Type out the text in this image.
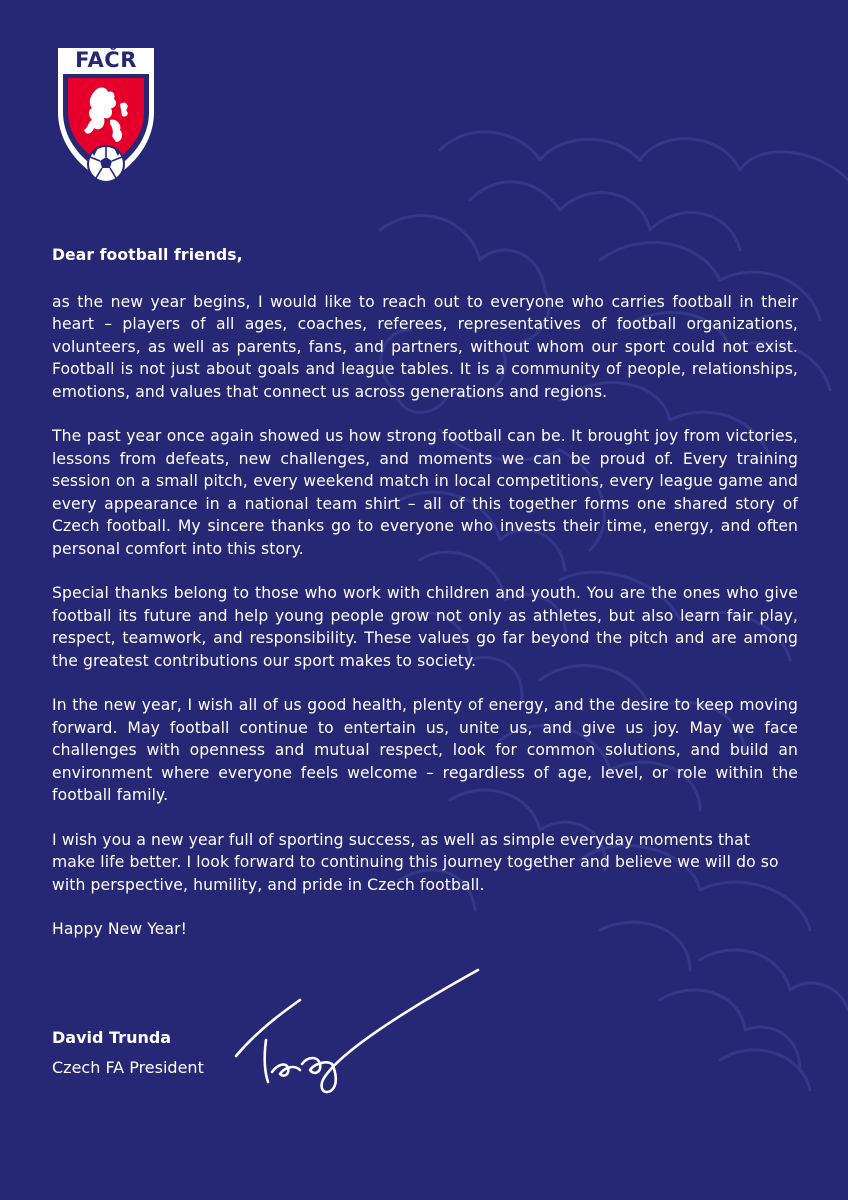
FAČR

Dear football friends,

as the new year begins, I would like to reach out to everyone who carries football in their heart – players of all ages, coaches, referees, representatives of football organizations, volunteers, as well as parents, fans, and partners, without whom our sport could not exist. Football is not just about goals and league tables. It is a community of people, relationships, emotions, and values that connect us across generations and regions.

The past year once again showed us how strong football can be. It brought joy from victories, lessons from defeats, new challenges, and moments we can be proud of. Every training session on a small pitch, every weekend match in local competitions, every league game and every appearance in a national team shirt – all of this together forms one shared story of Czech football. My sincere thanks go to everyone who invests their time, energy, and often personal comfort into this story.

Special thanks belong to those who work with children and youth. You are the ones who give football its future and help young people grow not only as athletes, but also learn fair play, respect, teamwork, and responsibility. These values go far beyond the pitch and are among the greatest contributions our sport makes to society.

In the new year, I wish all of us good health, plenty of energy, and the desire to keep moving forward. May football continue to entertain us, unite us, and give us joy. May we face challenges with openness and mutual respect, look for common solutions, and build an environment where everyone feels welcome – regardless of age, level, or role within the football family.

I wish you a new year full of sporting success, as well as simple everyday moments that make life better. I look forward to continuing this journey together and believe we will do so with perspective, humility, and pride in Czech football.

Happy New Year!

David Trunda
Czech FA President
